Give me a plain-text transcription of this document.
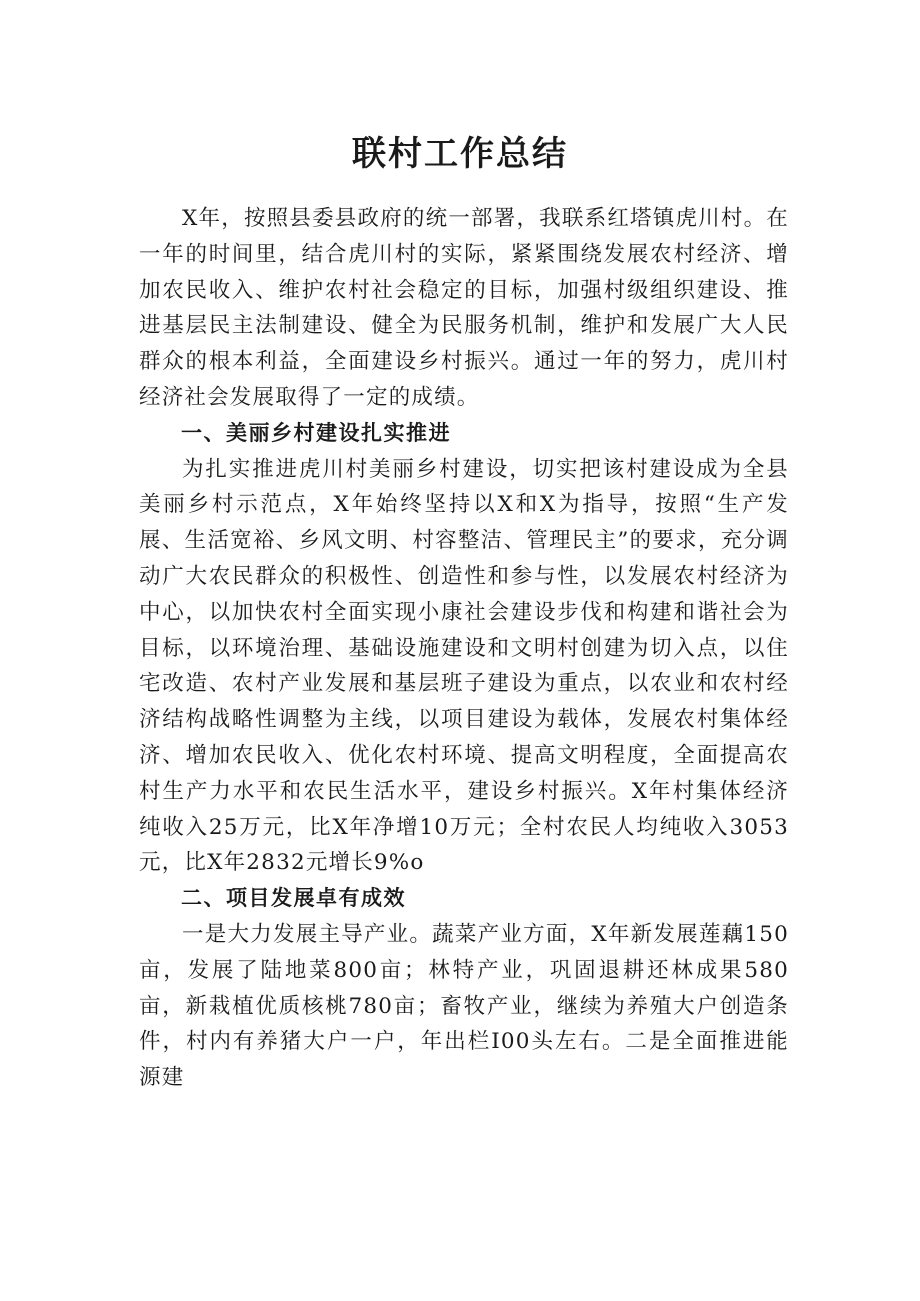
联村工作总结

X年，按照县委县政府的统一部署，我联系红塔镇虎川村。在一年的时间里，结合虎川村的实际，紧紧围绕发展农村经济、增加农民收入、维护农村社会稳定的目标，加强村级组织建设、推进基层民主法制建设、健全为民服务机制，维护和发展广大人民群众的根本利益，全面建设乡村振兴。通过一年的努力，虎川村经济社会发展取得了一定的成绩。

一、美丽乡村建设扎实推进

为扎实推进虎川村美丽乡村建设，切实把该村建设成为全县美丽乡村示范点，X年始终坚持以X和X为指导，按照“生产发展、生活宽裕、乡风文明、村容整洁、管理民主”的要求，充分调动广大农民群众的积极性、创造性和参与性，以发展农村经济为中心，以加快农村全面实现小康社会建设步伐和构建和谐社会为目标，以环境治理、基础设施建设和文明村创建为切入点，以住宅改造、农村产业发展和基层班子建设为重点，以农业和农村经济结构战略性调整为主线，以项目建设为载体，发展农村集体经济、增加农民收入、优化农村环境、提高文明程度，全面提高农村生产力水平和农民生活水平，建设乡村振兴。X年村集体经济纯收入25万元，比X年净增10万元；全村农民人均纯收入3053元，比X年2832元增长9%o

二、项目发展卓有成效

一是大力发展主导产业。蔬菜产业方面，X年新发展莲藕150亩，发展了陆地菜800亩；林特产业，巩固退耕还林成果580亩，新栽植优质核桃780亩；畜牧产业，继续为养殖大户创造条件，村内有养猪大户一户，年出栏I00头左右。二是全面推进能源建
